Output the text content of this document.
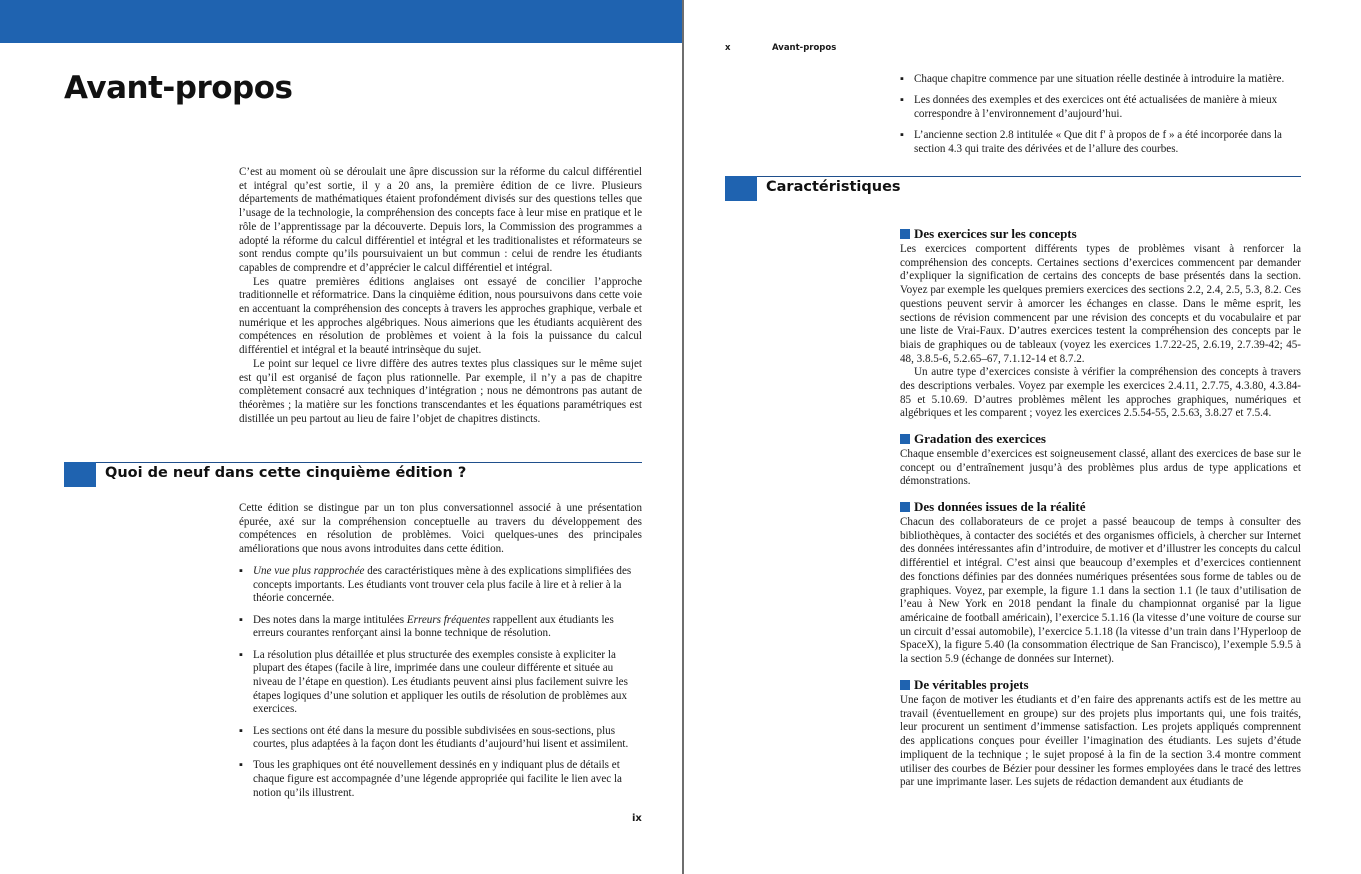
Avant-propos

C’est au moment où se déroulait une âpre discussion sur la réforme du calcul différentiel et intégral qu’est sortie, il y a 20 ans, la première édition de ce livre. Plusieurs départements de mathématiques étaient profondément divisés sur des questions telles que l’usage de la technologie, la compréhension des concepts face à leur mise en pratique et le rôle de l’apprentissage par la découverte. Depuis lors, la Commission des programmes a adopté la réforme du calcul différentiel et intégral et les traditionalistes et réformateurs se sont rendus compte qu’ils poursuivaient un but commun : celui de rendre les étudiants capables de comprendre et d’apprécier le calcul différentiel et intégral.

Les quatre premières éditions anglaises ont essayé de concilier l’approche traditionnelle et réformatrice. Dans la cinquième édition, nous poursuivons dans cette voie en accentuant la compréhension des concepts à travers les approches graphique, verbale et numérique et les approches algébriques. Nous aimerions que les étudiants acquièrent des compétences en résolution de problèmes et voient à la fois la puissance du calcul différentiel et intégral et la beauté intrinsèque du sujet.

Le point sur lequel ce livre diffère des autres textes plus classiques sur le même sujet est qu’il est organisé de façon plus rationnelle. Par exemple, il n’y a pas de chapitre complètement consacré aux techniques d’intégration ; nous ne démontrons pas autant de théorèmes ; la matière sur les fonctions transcendantes et les équations paramétriques est distillée un peu partout au lieu de faire l’objet de chapitres distincts.

Quoi de neuf dans cette cinquième édition ?

Cette édition se distingue par un ton plus conversationnel associé à une présentation épurée, axé sur la compréhension conceptuelle au travers du développement des compétences en résolution de problèmes. Voici quelques-unes des principales améliorations que nous avons introduites dans cette édition.

▪ Une vue plus rapprochée des caractéristiques mène à des explications simplifiées des concepts importants. Les étudiants vont trouver cela plus facile à lire et à relier à la théorie concernée.
▪ Des notes dans la marge intitulées Erreurs fréquentes rappellent aux étudiants les erreurs courantes renforçant ainsi la bonne technique de résolution.
▪ La résolution plus détaillée et plus structurée des exemples consiste à expliciter la plupart des étapes (facile à lire, imprimée dans une couleur différente et située au niveau de l’étape en question). Les étudiants peuvent ainsi plus facilement suivre les étapes logiques d’une solution et appliquer les outils de résolution de problèmes aux exercices.
▪ Les sections ont été dans la mesure du possible subdivisées en sous-sections, plus courtes, plus adaptées à la façon dont les étudiants d’aujourd’hui lisent et assimilent.
▪ Tous les graphiques ont été nouvellement dessinés en y indiquant plus de détails et chaque figure est accompagnée d’une légende appropriée qui facilite le lien avec la notion qu’ils illustrent.
ix
x	Avant-propos
▪ Chaque chapitre commence par une situation réelle destinée à introduire la matière.
▪ Les données des exemples et des exercices ont été actualisées de manière à mieux correspondre à l’environnement d’aujourd’hui.
▪ L’ancienne section 2.8 intitulée « Que dit f′ à propos de f » a été incorporée dans la section 4.3 qui traite des dérivées et de l’allure des courbes.
Caractéristiques
Des exercices sur les concepts

Les exercices comportent différents types de problèmes visant à renforcer la compréhension des concepts. Certaines sections d’exercices commencent par demander d’expliquer la signification de certains des concepts de base présentés dans la section. Voyez par exemple les quelques premiers exercices des sections 2.2, 2.4, 2.5, 5.3, 8.2. Ces questions peuvent servir à amorcer les échanges en classe. Dans le même esprit, les sections de révision commencent par une révision des concepts et du vocabulaire et par une liste de Vrai-Faux. D’autres exercices testent la compréhension des concepts par le biais de graphiques ou de tableaux (voyez les exercices 1.7.22-25, 2.6.19, 2.7.39-42; 45-48, 3.8.5-6, 5.2.65–67, 7.1.12-14 et 8.7.2.

Un autre type d’exercices consiste à vérifier la compréhension des concepts à travers des descriptions verbales. Voyez par exemple les exercices 2.4.11, 2.7.75, 4.3.80, 4.3.84-85 et 5.10.69. D’autres problèmes mêlent les approches graphiques, numériques et algébriques et les comparent ; voyez les exercices 2.5.54-55, 2.5.63, 3.8.27 et 7.5.4.

Gradation des exercices

Chaque ensemble d’exercices est soigneusement classé, allant des exercices de base sur le concept ou d’entraînement jusqu’à des problèmes plus ardus de type applications et démonstrations.

Des données issues de la réalité

Chacun des collaborateurs de ce projet a passé beaucoup de temps à consulter des bibliothèques, à contacter des sociétés et des organismes officiels, à chercher sur Internet des données intéressantes afin d’introduire, de motiver et d’illustrer les concepts du calcul différentiel et intégral. C’est ainsi que beaucoup d’exemples et d’exercices contiennent des fonctions définies par des données numériques présentées sous forme de tables ou de graphiques. Voyez, par exemple, la figure 1.1 dans la section 1.1 (le taux d’utilisation de l’eau à New York en 2018 pendant la finale du championnat organisé par la ligue américaine de football américain), l’exercice 5.1.16 (la vitesse d’une voiture de course sur un circuit d’essai automobile), l’exercice 5.1.18 (la vitesse d’un train dans l’Hyperloop de SpaceX), la figure 5.40 (la consommation électrique de San Francisco), l’exemple 5.9.5 à la section 5.9 (échange de données sur Internet).

De véritables projets

Une façon de motiver les étudiants et d’en faire des apprenants actifs est de les mettre au travail (éventuellement en groupe) sur des projets plus importants qui, une fois traités, leur procurent un sentiment d’immense satisfaction. Les projets appliqués comprennent des applications conçues pour éveiller l’imagination des étudiants. Les sujets d’étude impliquent de la technique ; le sujet proposé à la fin de la section 3.4 montre comment utiliser des courbes de Bézier pour dessiner les formes employées dans le tracé des lettres par une imprimante laser. Les sujets de rédaction demandent aux étudiants de
